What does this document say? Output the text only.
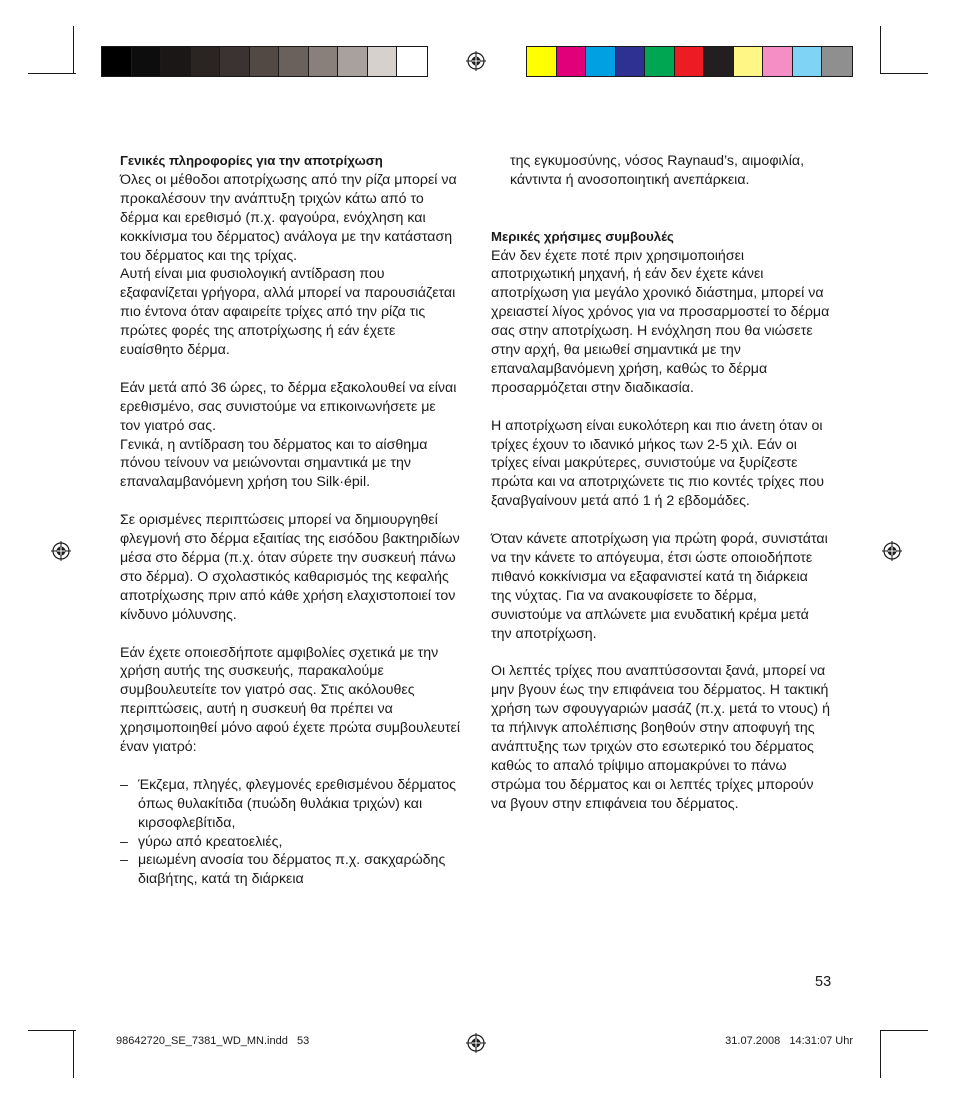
Γενικές πληροφορίες για την αποτρίχωση

Όλες οι μέθοδοι αποτρίχωσης από την ρίζα μπορεί να προκαλέσουν την ανάπτυξη τριχών κάτω από το δέρμα και ερεθισμό (π.χ. φαγούρα, ενόχληση και κοκκίνισμα του δέρματος) ανάλογα με την κατάσταση του δέρματος και της τρίχας.

Αυτή είναι μια φυσιολογική αντίδραση που εξαφανίζεται γρήγορα, αλλά μπορεί να παρουσιάζεται πιο έντονα όταν αφαιρείτε τρίχες από την ρίζα τις πρώτες φορές της αποτρίχωσης ή εάν έχετε ευαίσθητο δέρμα.

Εάν μετά από 36 ώρες, το δέρμα εξακολουθεί να είναι ερεθισμένο, σας συνιστούμε να επικοινωνήσετε με τον γιατρό σας.

Γενικά, η αντίδραση του δέρματος και το αίσθημα πόνου τείνουν να μειώνονται σημαντικά με την επαναλαμβανόμενη χρήση του Silk·épil.

Σε ορισμένες περιπτώσεις μπορεί να δημιουργηθεί φλεγμονή στο δέρμα εξαιτίας της εισόδου βακτηριδίων μέσα στο δέρμα (π.χ. όταν σύρετε την συσκευή πάνω στο δέρμα). Ο σχολαστικός καθαρισμός της κεφαλής αποτρίχωσης πριν από κάθε χρήση ελαχιστοποιεί τον κίνδυνο μόλυνσης.

Εάν έχετε οποιεσδήποτε αμφιβολίες σχετικά με την χρήση αυτής της συσκευής, παρακαλούμε συμβουλευτείτε τον γιατρό σας. Στις ακόλουθες περιπτώσεις, αυτή η συσκευή θα πρέπει να χρησιμοποιηθεί μόνο αφού έχετε πρώτα συμβουλευτεί έναν γιατρό:

– Έκζεμα, πληγές, φλεγμονές ερεθισμένου δέρματος όπως θυλακίτιδα (πυώδη θυλάκια τριχών) και κιρσοφλεβίτιδα,
– γύρω από κρεατοελιές,
– μειωμένη ανοσία του δέρματος π.χ. σακχαρώδης διαβήτης, κατά τη διάρκεια

της εγκυμοσύνης, νόσος Raynaud’s, αιμοφιλία, κάντιντα ή ανοσοποιητική ανεπάρκεια.

Μερικές χρήσιμες συμβουλές

Εάν δεν έχετε ποτέ πριν χρησιμοποιήσει αποτριχωτική μηχανή, ή εάν δεν έχετε κάνει αποτρίχωση για μεγάλο χρονικό διάστημα, μπορεί να χρειαστεί λίγος χρόνος για να προσαρμοστεί το δέρμα σας στην αποτρίχωση. Η ενόχληση που θα νιώσετε στην αρχή, θα μειωθεί σημαντικά με την επαναλαμβανόμενη χρήση, καθώς το δέρμα προσαρμόζεται στην διαδικασία.

Η αποτρίχωση είναι ευκολότερη και πιο άνετη όταν οι τρίχες έχουν το ιδανικό μήκος των 2-5 χιλ. Εάν οι τρίχες είναι μακρύτερες, συνιστούμε να ξυρίζεστε πρώτα και να αποτριχώνετε τις πιο κοντές τρίχες που ξαναβγαίνουν μετά από 1 ή 2 εβδομάδες.

Όταν κάνετε αποτρίχωση για πρώτη φορά, συνιστάται να την κάνετε το απόγευμα, έτσι ώστε οποιοδήποτε πιθανό κοκκίνισμα να εξαφανιστεί κατά τη διάρκεια της νύχτας. Για να ανακουφίσετε το δέρμα, συνιστούμε να απλώνετε μια ενυδατική κρέμα μετά την αποτρίχωση.

Οι λεπτές τρίχες που αναπτύσσονται ξανά, μπορεί να μην βγουν έως την επιφάνεια του δέρματος. Η τακτική χρήση των σφουγγαριών μασάζ (π.χ. μετά το ντους) ή τα πήλινγκ απολέπισης βοηθούν στην αποφυγή της ανάπτυξης των τριχών στο εσωτερικό του δέρματος καθώς το απαλό τρίψιμο απομακρύνει το πάνω στρώμα του δέρματος και οι λεπτές τρίχες μπορούν να βγουν στην επιφάνεια του δέρματος.

53
98642720_SE_7381_WD_MN.indd   53	31.07.2008   14:31:07 Uhr
